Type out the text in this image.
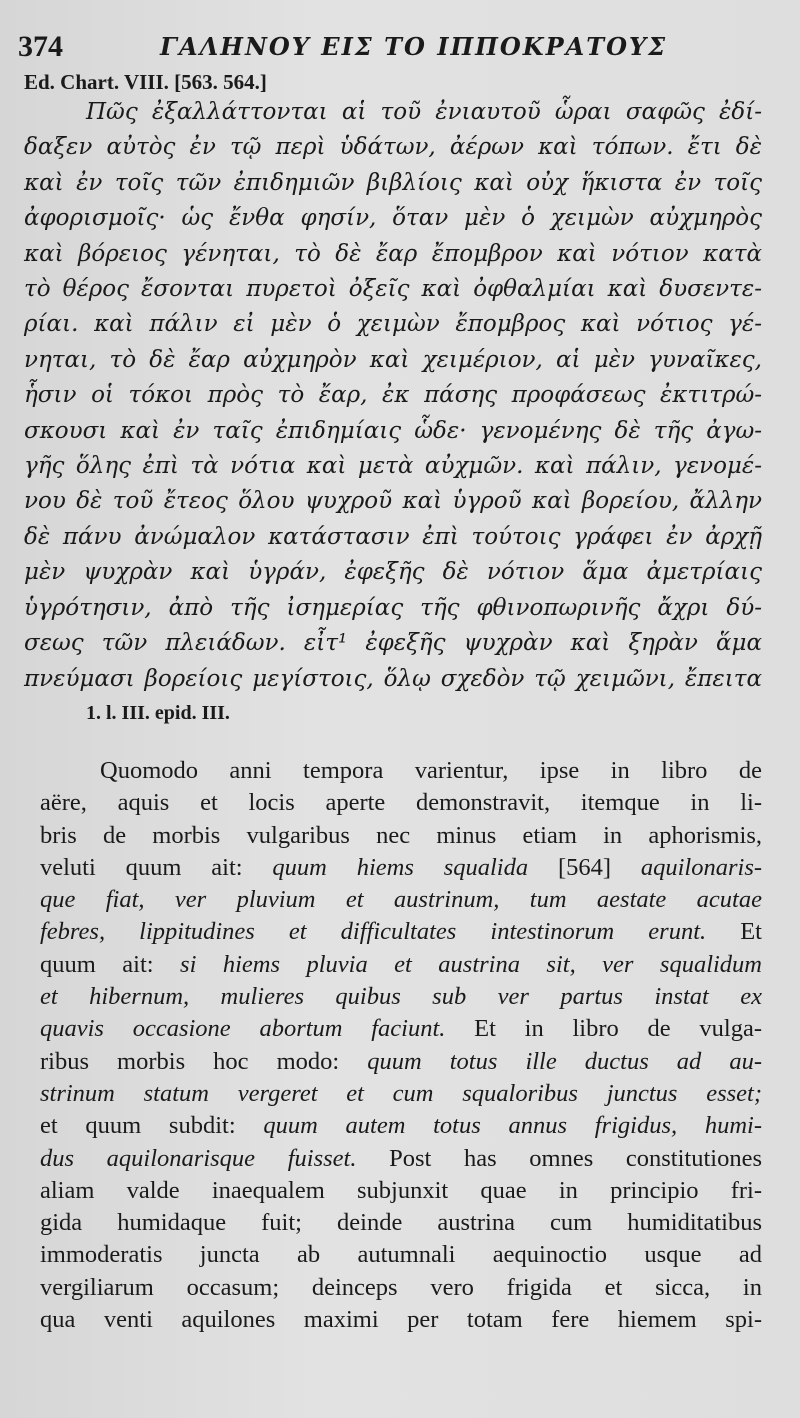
374	ΓΑΛΗΝΟΥ ΕΙΣ ΤΟ ΙΠΠΟΚΡΑΤΟΥΣ
Ed. Chart. VIII. [563. 564.]
Πῶς ἐξαλλάττονται αἱ τοῦ ἐνιαυτοῦ ὧραι σαφῶς ἐδί-
δαξεν αὐτὸς ἐν τῷ περὶ ὑδάτων, ἀέρων καὶ τόπων. ἔτι δὲ
καὶ ἐν τοῖς τῶν ἐπιδημιῶν βιβλίοις καὶ οὐχ ἥκιστα ἐν τοῖς
ἀφορισμοῖς· ὡς ἔνθα φησίν, ὅταν μὲν ὁ χειμὼν αὐχμηρὸς
καὶ βόρειος γένηται, τὸ δὲ ἔαρ ἔπομβρον καὶ νότιον κατὰ
τὸ θέρος ἔσονται πυρετοὶ ὀξεῖς καὶ ὀφθαλμίαι καὶ δυσεντε-
ρίαι. καὶ πάλιν εἰ μὲν ὁ χειμὼν ἔπομβρος καὶ νότιος γέ-
νηται, τὸ δὲ ἔαρ αὐχμηρὸν καὶ χειμέριον, αἱ μὲν γυναῖκες,
ἧσιν οἱ τόκοι πρὸς τὸ ἔαρ, ἐκ πάσης προφάσεως ἐκτιτρώ-
σκουσι καὶ ἐν ταῖς ἐπιδημίαις ὧδε· γενομένης δὲ τῆς ἀγω-
γῆς ὅλης ἐπὶ τὰ νότια καὶ μετὰ αὐχμῶν. καὶ πάλιν, γενομέ-
νου δὲ τοῦ ἔτεος ὅλου ψυχροῦ καὶ ὑγροῦ καὶ βορείου, ἄλλην
δὲ πάνυ ἀνώμαλον κατάστασιν ἐπὶ τούτοις γράφει ἐν ἀρχῇ
μὲν ψυχρὰν καὶ ὑγράν, ἐφεξῆς δὲ νότιον ἅμα ἀμετρίαις
ὑγρότησιν, ἀπὸ τῆς ἰσημερίας τῆς φθινοπωρινῆς ἄχρι δύ-
σεως τῶν πλειάδων. εἶτ¹ ἐφεξῆς ψυχρὰν καὶ ξηρὰν ἅμα
πνεύμασι βορείοις μεγίστοις, ὅλῳ σχεδὸν τῷ χειμῶνι, ἔπειτα
1. l. III. epid. III.
Quomodo anni tempora varientur, ipse in libro de
aëre, aquis et locis aperte demonstravit, itemque in li-
bris de morbis vulgaribus nec minus etiam in aphorismis,
veluti quum ait: quum hiems squalida [564] aquilonaris-
que fiat, ver pluvium et austrinum, tum aestate acutae
febres, lippitudines et difficultates intestinorum erunt. Et
quum ait: si hiems pluvia et austrina sit, ver squalidum
et hibernum, mulieres quibus sub ver partus instat ex
quavis occasione abortum faciunt. Et in libro de vulga-
ribus morbis hoc modo: quum totus ille ductus ad au-
strinum statum vergeret et cum squaloribus junctus esset;
et quum subdit: quum autem totus annus frigidus, humi-
dus aquilonarisque fuisset. Post has omnes constitutiones
aliam valde inaequalem subjunxit quae in principio fri-
gida humidaque fuit; deinde austrina cum humiditatibus
immoderatis juncta ab autumnali aequinoctio usque ad
vergiliarum occasum; deinceps vero frigida et sicca, in
qua venti aquilones maximi per totam fere hiemem spi-
